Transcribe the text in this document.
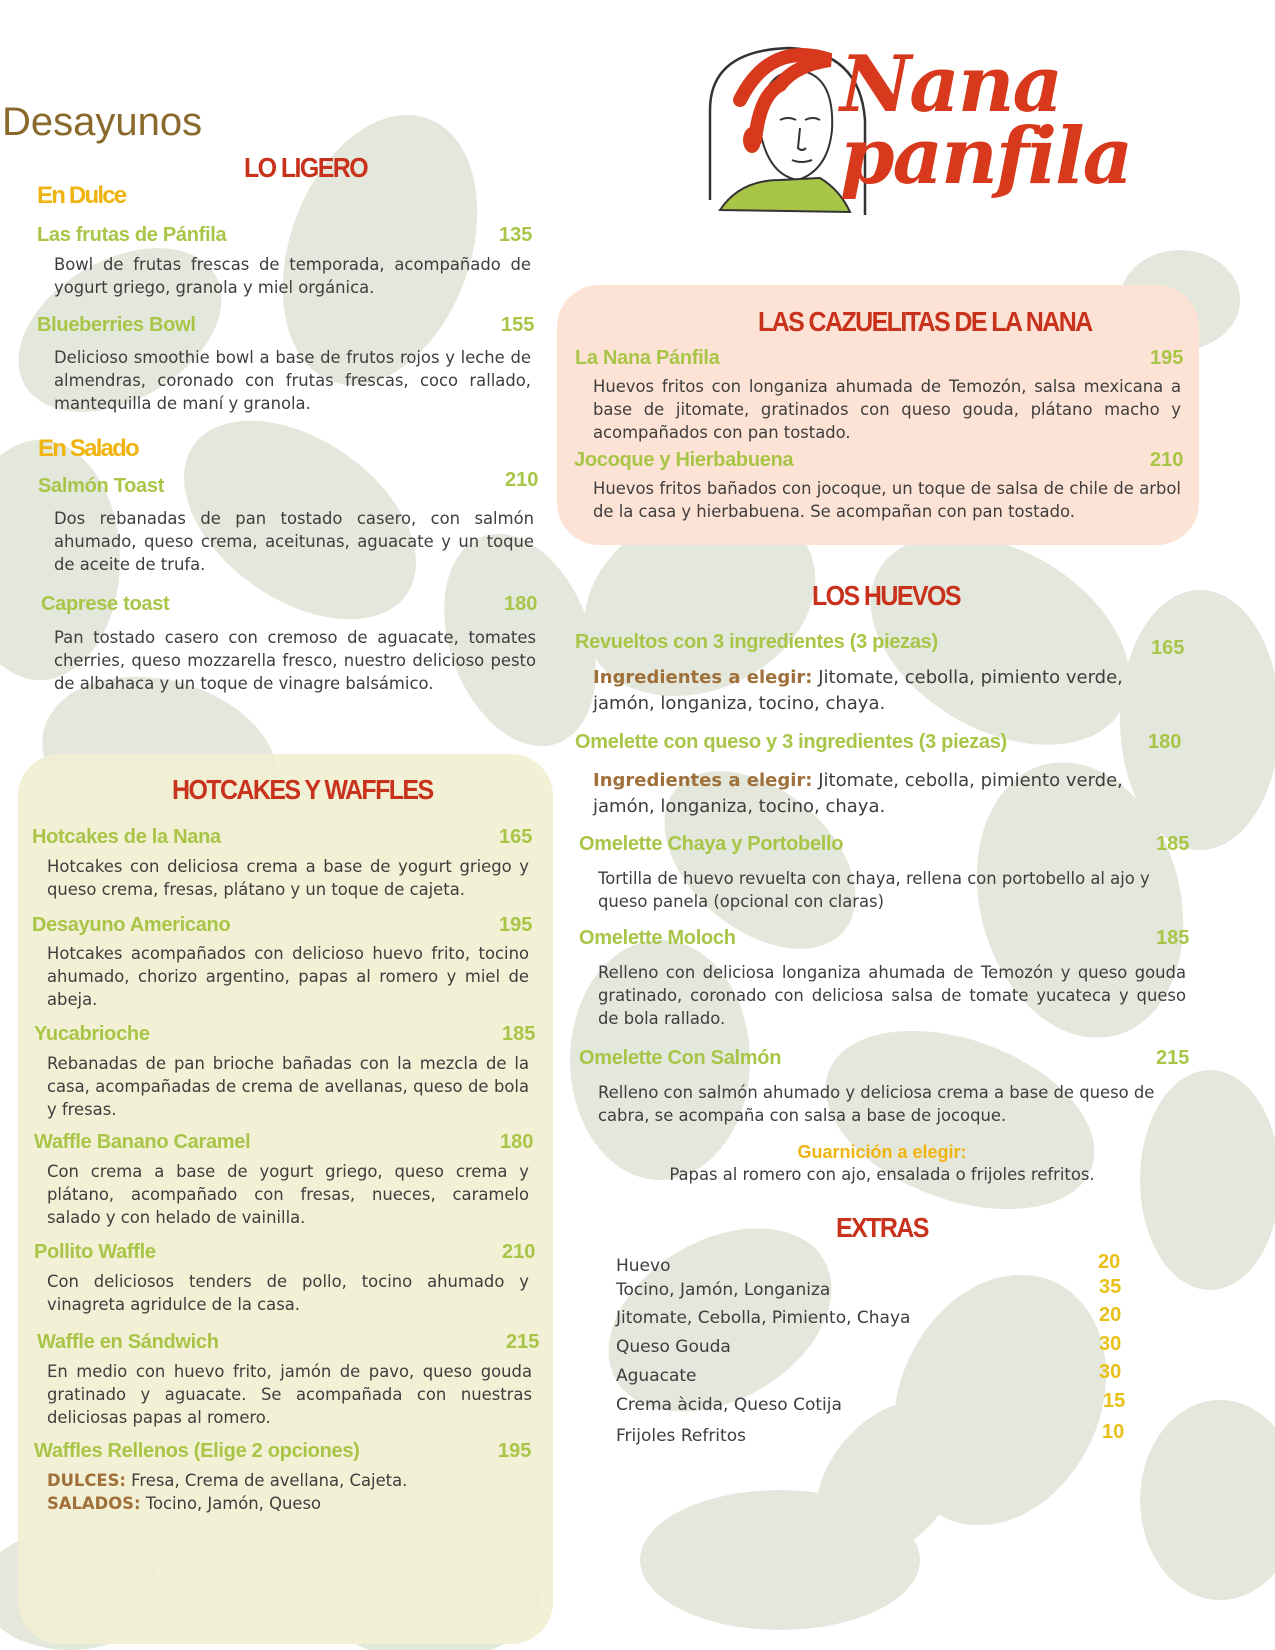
Desayunos	Nana
panfila
LO LIGERO
En Dulce
Las frutas de Pánfila	135
Bowl de frutas frescas de temporada, acompañado de yogurt griego, granola y miel orgánica.
Blueberries Bowl	155
Delicioso smoothie bowl a base de frutos rojos y leche de almendras, coronado con frutas frescas, coco rallado, mantequilla de maní y granola.
En Salado
Salmón Toast	210
Dos rebanadas de pan tostado casero, con salmón ahumado, queso crema, aceitunas, aguacate y un toque de aceite de trufa.
Caprese toast	180
Pan tostado casero con cremoso de aguacate, tomates cherries, queso mozzarella fresco, nuestro delicioso pesto de albahaca y un toque de vinagre balsámico.
HOTCAKES Y WAFFLES
Hotcakes de la Nana	165
Hotcakes con deliciosa crema a base de yogurt griego y queso crema, fresas, plátano y un toque de cajeta.
Desayuno Americano	195
Hotcakes acompañados con delicioso huevo frito, tocino ahumado, chorizo argentino, papas al romero y miel de abeja.
Yucabrioche	185
Rebanadas de pan brioche bañadas con la mezcla de la casa, acompañadas de crema de avellanas, queso de bola y fresas.
Waffle Banano Caramel	180
Con crema a base de yogurt griego, queso crema y plátano, acompañado con fresas, nueces, caramelo salado y con helado de vainilla.
Pollito Waffle	210
Con deliciosos tenders de pollo, tocino ahumado y vinagreta agridulce de la casa.
Waffle en Sándwich	215
En medio con huevo frito, jamón de pavo, queso gouda gratinado y aguacate. Se acompañada con nuestras deliciosas papas al romero.
Waffles Rellenos (Elige 2 opciones)	195
DULCES: Fresa, Crema de avellana, Cajeta.
SALADOS: Tocino, Jamón, Queso
LAS CAZUELITAS DE LA NANA
La Nana Pánfila	195
Huevos fritos con longaniza ahumada de Temozón, salsa mexicana a base de jitomate, gratinados con queso gouda, plátano macho y acompañados con pan tostado.
Jocoque y Hierbabuena	210
Huevos fritos bañados con jocoque, un toque de salsa de chile de arbol de la casa y hierbabuena. Se acompañan con pan tostado.
LOS HUEVOS
Revueltos con 3 ingredientes (3 piezas)	165
Ingredientes a elegir: Jitomate, cebolla, pimiento verde, jamón, longaniza, tocino, chaya.
Omelette con queso y 3 ingredientes (3 piezas)	180
Ingredientes a elegir: Jitomate, cebolla, pimiento verde, jamón, longaniza, tocino, chaya.
Omelette Chaya y Portobello	185
Tortilla de huevo revuelta con chaya, rellena con portobello al ajo y queso panela (opcional con claras)
Omelette Moloch	185
Relleno con deliciosa longaniza ahumada de Temozón y queso gouda gratinado, coronado con deliciosa salsa de tomate yucateca y queso de bola rallado.
Omelette Con Salmón	215
Relleno con salmón ahumado y deliciosa crema a base de queso de cabra, se acompaña con salsa a base de jocoque.
Guarnición a elegir:
Papas al romero con ajo, ensalada o frijoles refritos.
EXTRAS
Huevo	20
Tocino, Jamón, Longaniza	35
Jitomate, Cebolla, Pimiento, Chaya	20
Queso Gouda	30
Aguacate	30
Crema àcida, Queso Cotija	15
Frijoles Refritos	10
